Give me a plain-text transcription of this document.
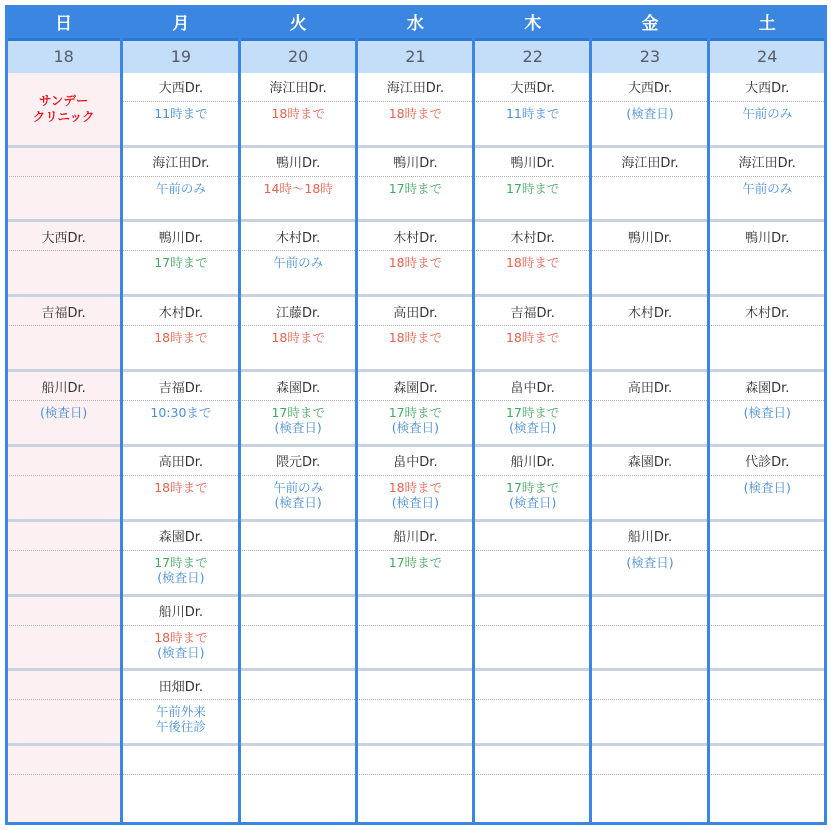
日
18
サンデー
クリニック
大西Dr.
吉福Dr.
船川Dr.
(検査日)
月
19
大西Dr.
11時まで
海江田Dr.
午前のみ
鴨川Dr.
17時まで
木村Dr.
18時まで
吉福Dr.
10:30まで
高田Dr.
18時まで
森園Dr.
17時まで
(検査日)
船川Dr.
18時まで
(検査日)
田畑Dr.
午前外来
午後往診
火
20
海江田Dr.
18時まで
鴨川Dr.
14時～18時
木村Dr.
午前のみ
江藤Dr.
18時まで
森園Dr.
17時まで
(検査日)
隈元Dr.
午前のみ
(検査日)
水
21
海江田Dr.
18時まで
鴨川Dr.
17時まで
木村Dr.
18時まで
高田Dr.
18時まで
森園Dr.
17時まで
(検査日)
畠中Dr.
18時まで
(検査日)
船川Dr.
17時まで
木
22
大西Dr.
11時まで
鴨川Dr.
17時まで
木村Dr.
18時まで
吉福Dr.
18時まで
畠中Dr.
17時まで
(検査日)
船川Dr.
17時まで
(検査日)
金
23
大西Dr.
(検査日)
海江田Dr.
鴨川Dr.
木村Dr.
高田Dr.
森園Dr.
船川Dr.
(検査日)
土
24
大西Dr.
午前のみ
海江田Dr.
午前のみ
鴨川Dr.
木村Dr.
森園Dr.
(検査日)
代診Dr.
(検査日)
